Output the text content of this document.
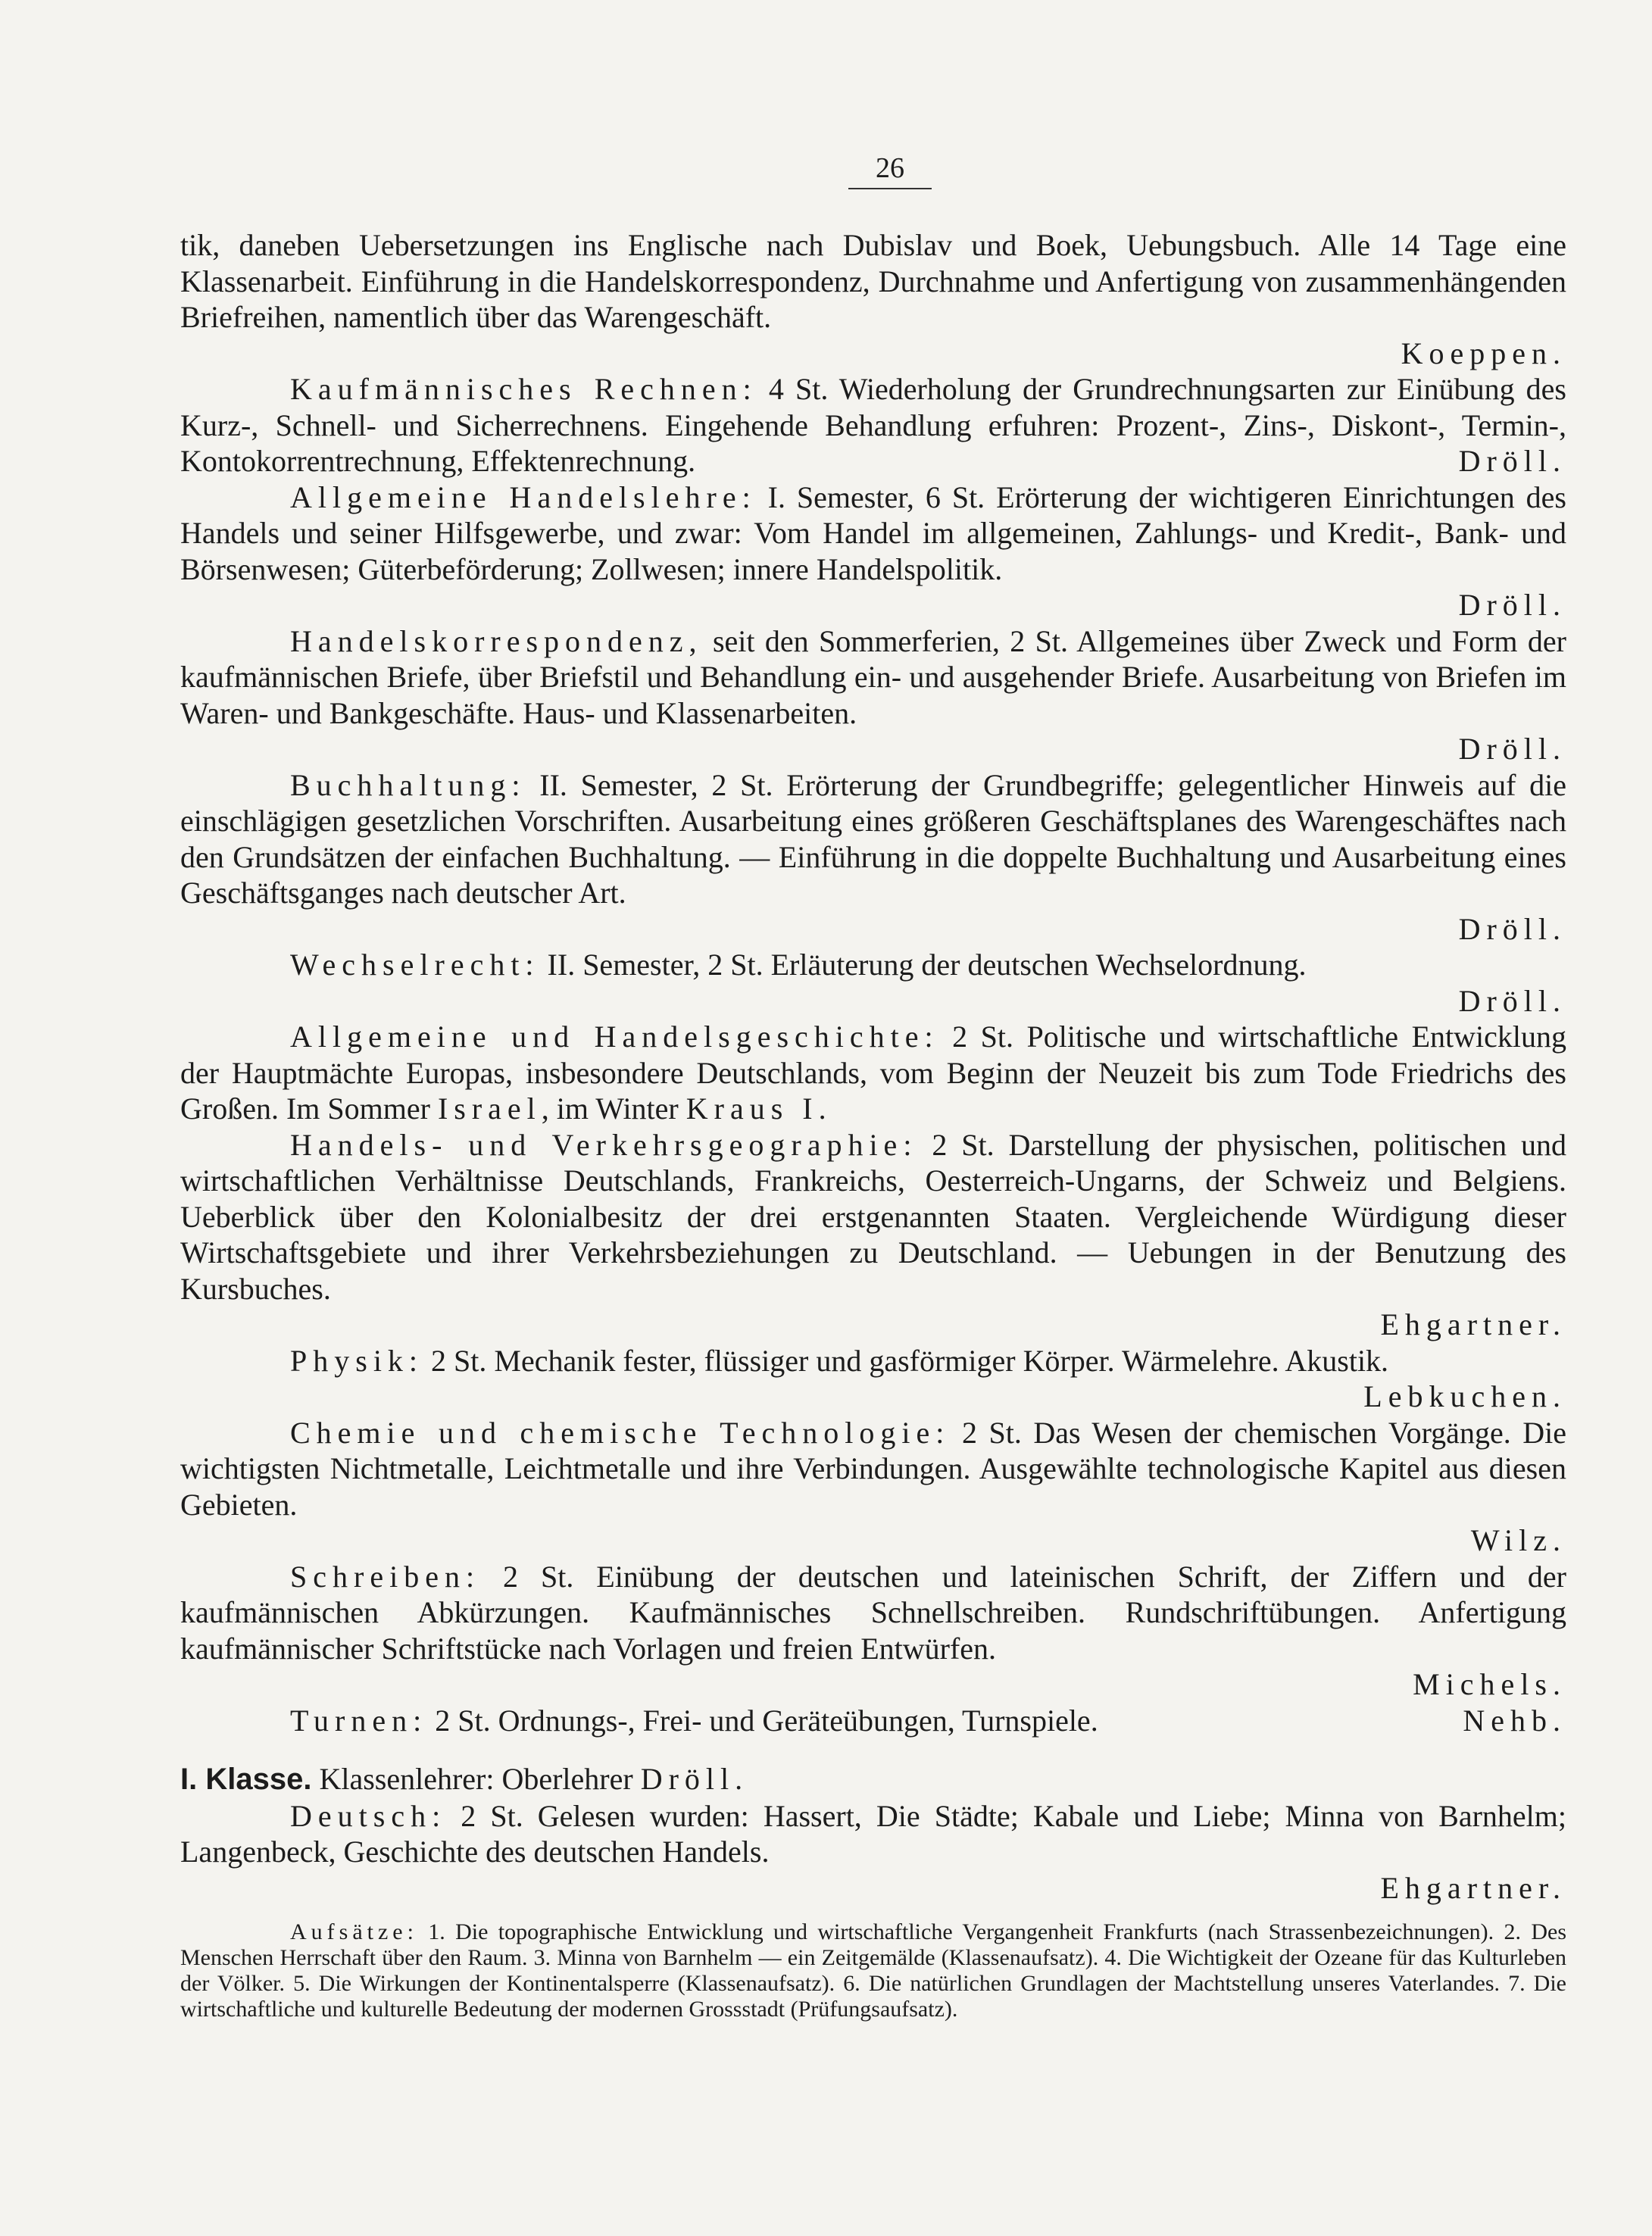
26

tik, daneben Uebersetzungen ins Englische nach Dubislav und Boek, Uebungsbuch. Alle 14 Tage eine Klassenarbeit. Einführung in die Handelskorrespondenz, Durchnahme und Anfertigung von zusammenhängenden Briefreihen, namentlich über das Warengeschäft.
Koeppen.

Kaufmännisches Rechnen: 4 St. Wiederholung der Grundrechnungsarten zur Einübung des Kurz-, Schnell- und Sicherrechnens. Eingehende Behandlung erfuhren: Prozent-, Zins-, Diskont-, Termin-, Kontokorrentrechnung, Effektenrechnung.	Dröll.

Allgemeine Handelslehre: I. Semester, 6 St. Erörterung der wichtigeren Einrichtungen des Handels und seiner Hilfsgewerbe, und zwar: Vom Handel im allgemeinen, Zahlungs- und Kredit-, Bank- und Börsenwesen; Güterbeförderung; Zollwesen; innere Handelspolitik.
Dröll.

Handelskorrespondenz, seit den Sommerferien, 2 St. Allgemeines über Zweck und Form der kaufmännischen Briefe, über Briefstil und Behandlung ein- und ausgehender Briefe. Ausarbeitung von Briefen im Waren- und Bankgeschäfte. Haus- und Klassenarbeiten.
Dröll.

Buchhaltung: II. Semester, 2 St. Erörterung der Grundbegriffe; gelegentlicher Hinweis auf die einschlägigen gesetzlichen Vorschriften. Ausarbeitung eines größeren Geschäftsplanes des Warengeschäftes nach den Grundsätzen der einfachen Buchhaltung. — Einführung in die doppelte Buchhaltung und Ausarbeitung eines Geschäftsganges nach deutscher Art.
Dröll.

Wechselrecht: II. Semester, 2 St. Erläuterung der deutschen Wechselordnung.
Dröll.

Allgemeine und Handelsgeschichte: 2 St. Politische und wirtschaftliche Entwicklung der Hauptmächte Europas, insbesondere Deutschlands, vom Beginn der Neuzeit bis zum Tode Friedrichs des Großen. Im Sommer Israel, im Winter Kraus I.

Handels- und Verkehrsgeographie: 2 St. Darstellung der physischen, politischen und wirtschaftlichen Verhältnisse Deutschlands, Frankreichs, Oesterreich-Ungarns, der Schweiz und Belgiens. Ueberblick über den Kolonialbesitz der drei erstgenannten Staaten. Vergleichende Würdigung dieser Wirtschaftsgebiete und ihrer Verkehrsbeziehungen zu Deutschland. — Uebungen in der Benutzung des Kursbuches.
Ehgartner.

Physik: 2 St. Mechanik fester, flüssiger und gasförmiger Körper. Wärmelehre. Akustik.
Lebkuchen.

Chemie und chemische Technologie: 2 St. Das Wesen der chemischen Vorgänge. Die wichtigsten Nichtmetalle, Leichtmetalle und ihre Verbindungen. Ausgewählte technologische Kapitel aus diesen Gebieten.
Wilz.

Schreiben: 2 St. Einübung der deutschen und lateinischen Schrift, der Ziffern und der kaufmännischen Abkürzungen. Kaufmännisches Schnellschreiben. Rundschriftübungen. Anfertigung kaufmännischer Schriftstücke nach Vorlagen und freien Entwürfen.
Michels.

Turnen: 2 St. Ordnungs-, Frei- und Geräteübungen, Turnspiele.	Nehb.

I. Klasse. Klassenlehrer: Oberlehrer Dröll.

Deutsch: 2 St. Gelesen wurden: Hassert, Die Städte; Kabale und Liebe; Minna von Barnhelm; Langenbeck, Geschichte des deutschen Handels.
Ehgartner.

Aufsätze: 1. Die topographische Entwicklung und wirtschaftliche Vergangenheit Frankfurts (nach Strassenbezeichnungen). 2. Des Menschen Herrschaft über den Raum. 3. Minna von Barnhelm — ein Zeitgemälde (Klassenaufsatz). 4. Die Wichtigkeit der Ozeane für das Kulturleben der Völker. 5. Die Wirkungen der Kontinentalsperre (Klassenaufsatz). 6. Die natürlichen Grundlagen der Machtstellung unseres Vaterlandes. 7. Die wirtschaftliche und kulturelle Bedeutung der modernen Grossstadt (Prüfungsaufsatz).
